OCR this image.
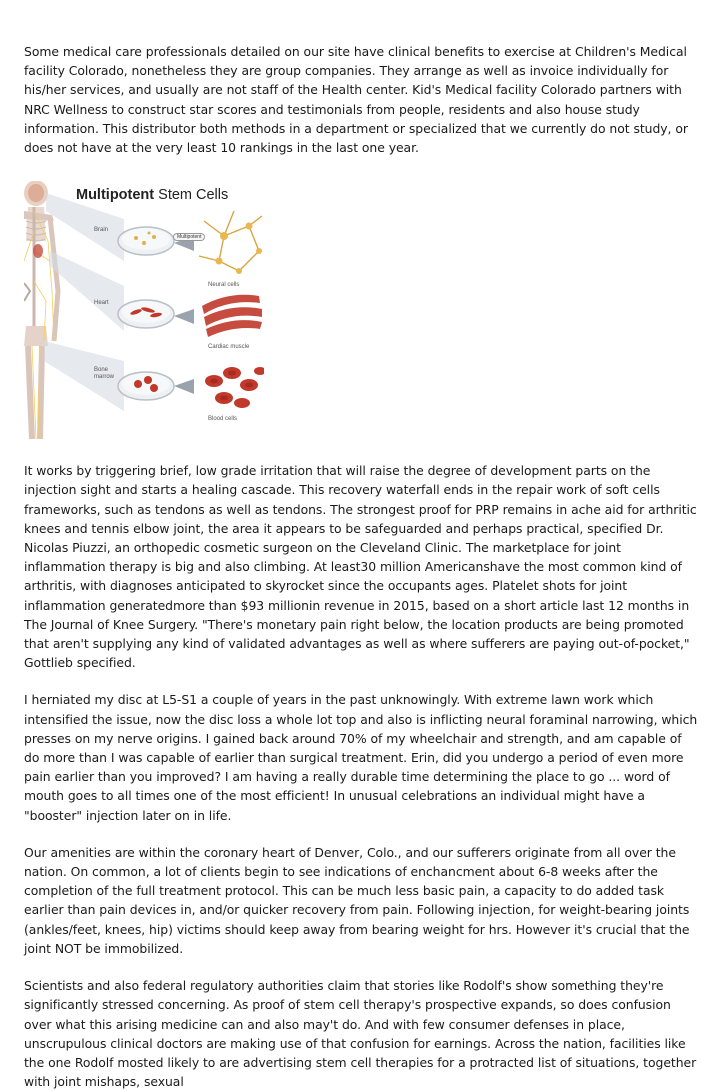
Some medical care professionals detailed on our site have clinical benefits to exercise at Children's Medical facility Colorado, nonetheless they are group companies. They arrange as well as invoice individually for his/her services, and usually are not staff of the Health center. Kid's Medical facility Colorado partners with NRC Wellness to construct star scores and testimonials from people, residents and also house study information. This distributor both methods in a department or specialized that we currently do not study, or does not have at the very least 10 rankings in the last one year.

Multipotent Stem Cells
Multipotent
Brain
Heart
Bone
marrow
Neural cells
Cardiac muscle
Blood cells

It works by triggering brief, low grade irritation that will raise the degree of development parts on the injection sight and starts a healing cascade. This recovery waterfall ends in the repair work of soft cells frameworks, such as tendons as well as tendons. The strongest proof for PRP remains in ache aid for arthritic knees and tennis elbow joint, the area it appears to be safeguarded and perhaps practical, specified Dr. Nicolas Piuzzi, an orthopedic cosmetic surgeon on the Cleveland Clinic. The marketplace for joint inflammation therapy is big and also climbing. At least30 million Americanshave the most common kind of arthritis, with diagnoses anticipated to skyrocket since the occupants ages. Platelet shots for joint inflammation generatedmore than $93 millionin revenue in 2015, based on a short article last 12 months in The Journal of Knee Surgery. "There's monetary pain right below, the location products are being promoted that aren't supplying any kind of validated advantages as well as where sufferers are paying out-of-pocket," Gottlieb specified.

I herniated my disc at L5-S1 a couple of years in the past unknowingly. With extreme lawn work which intensified the issue, now the disc loss a whole lot top and also is inflicting neural foraminal narrowing, which presses on my nerve origins. I gained back around 70% of my wheelchair and strength, and am capable of do more than I was capable of earlier than surgical treatment. Erin, did you undergo a period of even more pain earlier than you improved? I am having a really durable time determining the place to go ... word of mouth goes to all times one of the most efficient! In unusual celebrations an individual might have a "booster" injection later on in life.

Our amenities are within the coronary heart of Denver, Colo., and our sufferers originate from all over the nation. On common, a lot of clients begin to see indications of enchancment about 6-8 weeks after the completion of the full treatment protocol. This can be much less basic pain, a capacity to do added task earlier than pain devices in, and/or quicker recovery from pain. Following injection, for weight-bearing joints (ankles/feet, knees, hip) victims should keep away from bearing weight for hrs. However it's crucial that the joint NOT be immobilized.

Scientists and also federal regulatory authorities claim that stories like Rodolf's show something they're significantly stressed concerning. As proof of stem cell therapy's prospective expands, so does confusion over what this arising medicine can and also may't do. And with few consumer defenses in place, unscrupulous clinical doctors are making use of that confusion for earnings. Across the nation, facilities like the one Rodolf mosted likely to are advertising stem cell therapies for a protracted list of situations, together with joint mishaps, sexual
